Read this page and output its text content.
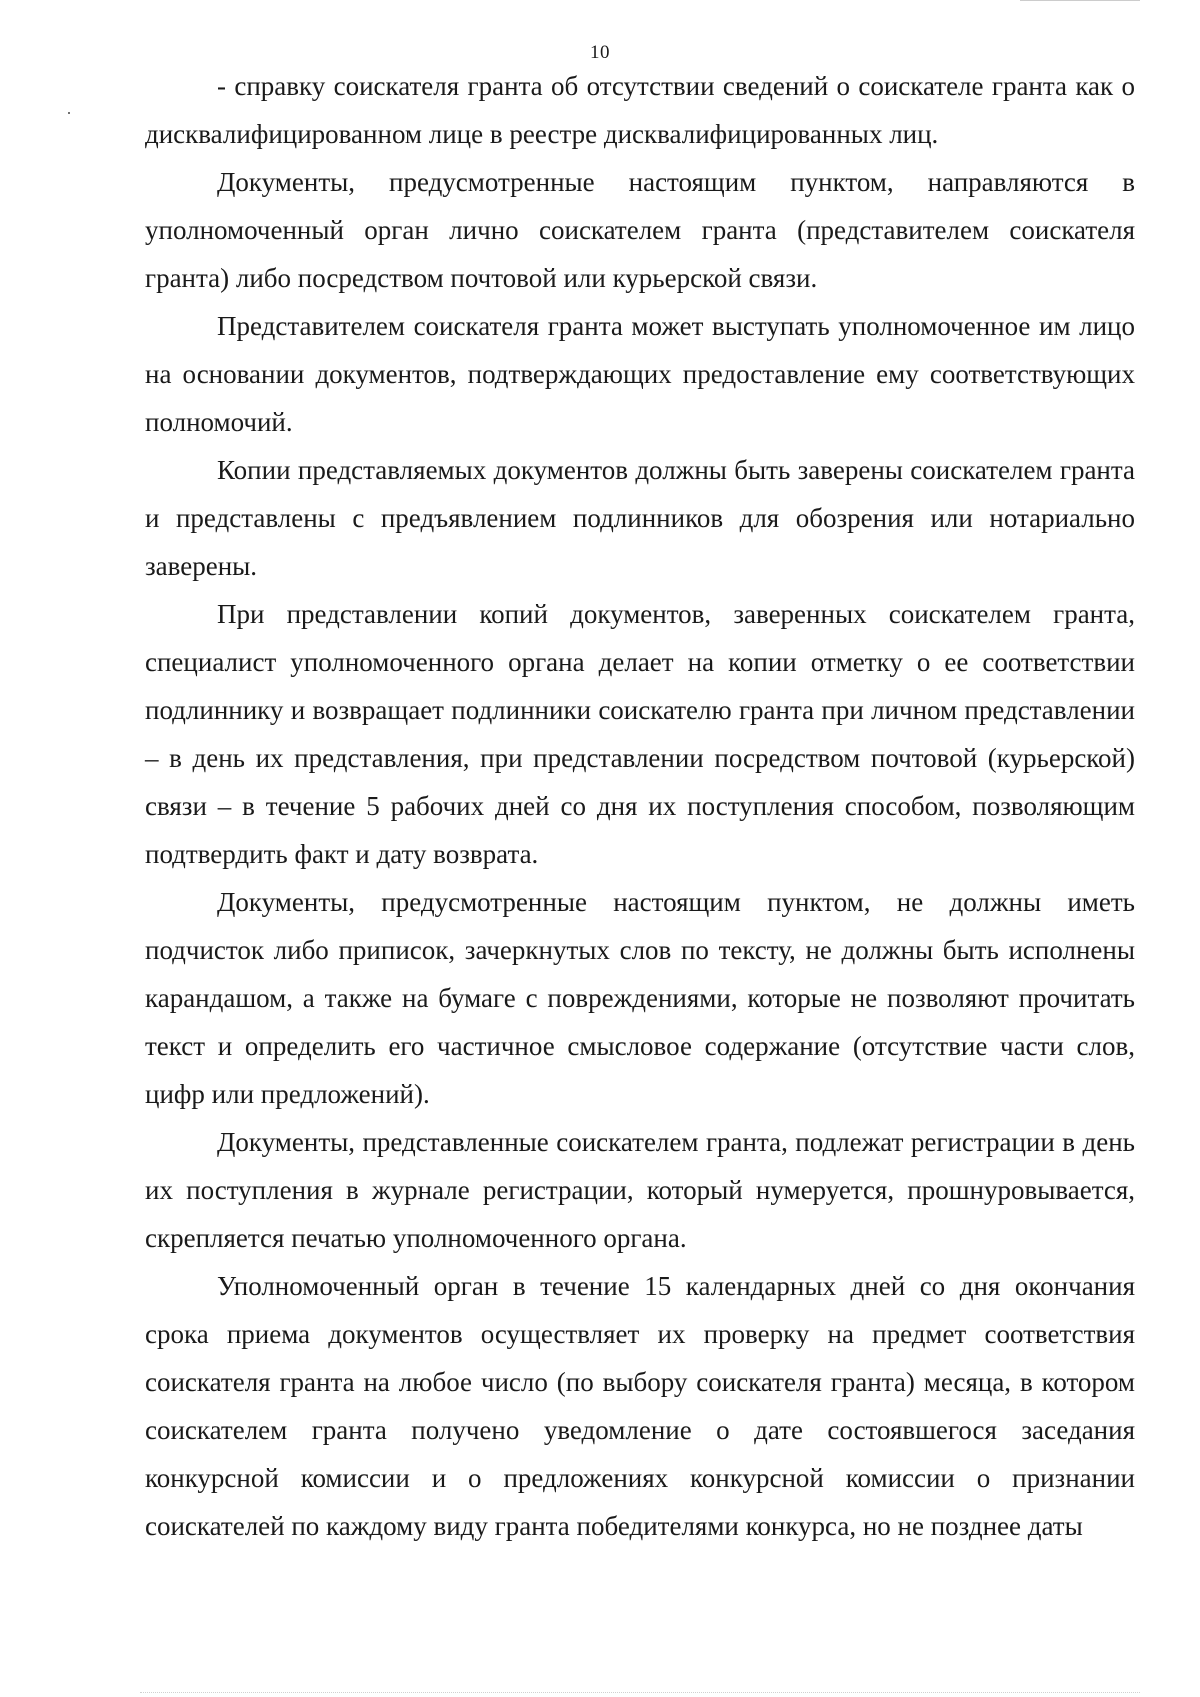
10

- справку соискателя гранта об отсутствии сведений о соискателе гранта как о дисквалифицированном лице в реестре дисквалифицированных лиц.

Документы, предусмотренные настоящим пунктом, направляются в уполномоченный орган лично соискателем гранта (представителем соискателя гранта) либо посредством почтовой или курьерской связи.

Представителем соискателя гранта может выступать уполномоченное им лицо на основании документов, подтверждающих предоставление ему соответствующих полномочий.

Копии представляемых документов должны быть заверены соискателем гранта и представлены с предъявлением подлинников для обозрения или нотариально заверены.

При представлении копий документов, заверенных соискателем гранта, специалист уполномоченного органа делает на копии отметку о ее соответствии подлиннику и возвращает подлинники соискателю гранта при личном представлении – в день их представления, при представлении посредством почтовой (курьерской) связи – в течение 5 рабочих дней со дня их поступления способом, позволяющим подтвердить факт и дату возврата.

Документы, предусмотренные настоящим пунктом, не должны иметь подчисток либо приписок, зачеркнутых слов по тексту, не должны быть исполнены карандашом, а также на бумаге с повреждениями, которые не позволяют прочитать текст и определить его частичное смысловое содержание (отсутствие части слов, цифр или предложений).

Документы, представленные соискателем гранта, подлежат регистрации в день их поступления в журнале регистрации, который нумеруется, прошнуровывается, скрепляется печатью уполномоченного органа.

Уполномоченный орган в течение 15 календарных дней со дня окончания срока приема документов осуществляет их проверку на предмет соответствия соискателя гранта на любое число (по выбору соискателя гранта) месяца, в котором соискателем гранта получено уведомление о дате состоявшегося заседания конкурсной комиссии и о предложениях конкурсной комиссии о признании соискателей по каждому виду гранта победителями конкурса, но не позднее даты
